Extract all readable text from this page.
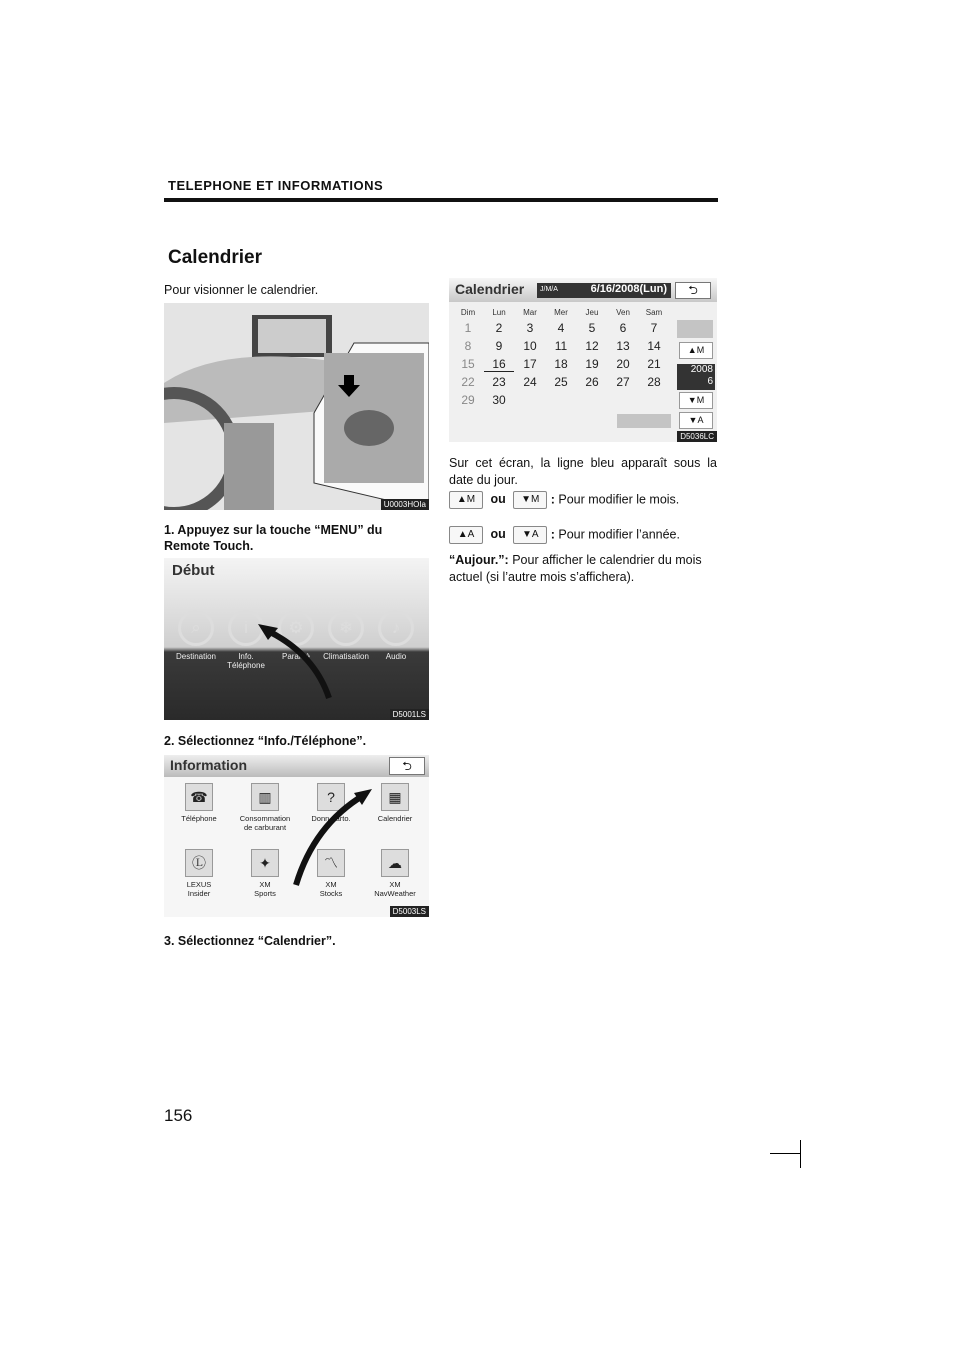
TELEPHONE ET INFORMATIONS
Calendrier
Pour visionner le calendrier.
U0003HOIa
1. Appuyez sur la touche “MENU” du Remote Touch.
Début
⌕
Destination
i
Info.
Téléphone
⚙
Paramè
❄
Climatisation
♪
Audio
D5001LS
2. Sélectionnez “Info./Téléphone”.
Information	⮌
☎
Téléphone
▥
Consommation
de carburant
?
Donn...arto.
▦
Calendrier
Ⓛ
LEXUS
Insider
✦
XM
Sports
〽
XM
Stocks
☁
XM
NavWeather
D5003LS
3. Sélectionnez “Calendrier”.
Calendrier J/M/A	6/16/2008(Lun)	⮌
▲M
2008
6
▼M
▼A
D5036LC
Dim	Lun	Mar	Mer	Jeu	Ven	Sam
1	2	3	4	5	6	7
8	9	10	11	12	13	14
15	16	17	18	19	20	21
22	23	24	25	26	27	28
29	30
Sur cet écran, la ligne bleu apparaît sous la date du jour.
▲M ou ▼M : Pour modifier le mois.
▲A ou ▼A : Pour modifier l’année.
“Aujour.”: Pour afficher le calendrier du mois actuel (si l’autre mois s’affichera).
156
